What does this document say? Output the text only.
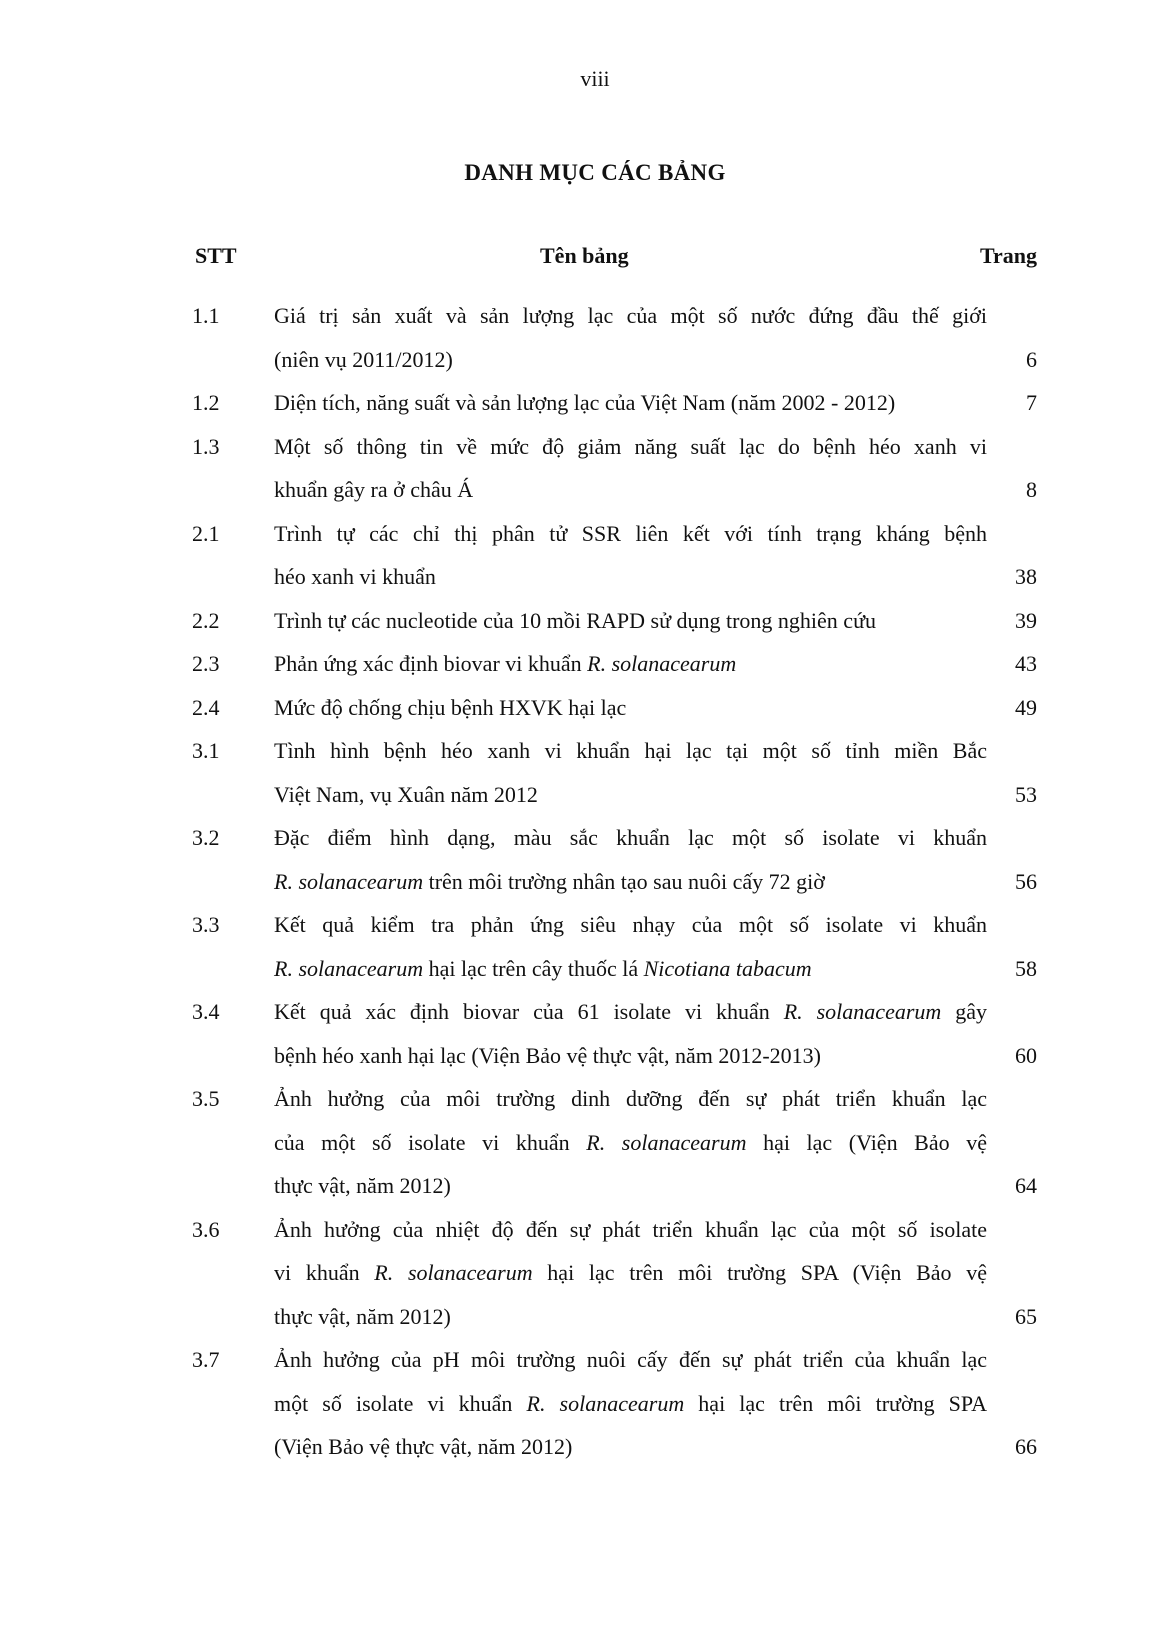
viii
DANH MỤC CÁC BẢNG
STT	Tên bảng	Trang
1.1 Giá trị sản xuất và sản lượng lạc của một số nước đứng đầu thế giới
(niên vụ 2011/2012)	6
1.2 Diện tích, năng suất và sản lượng lạc của Việt Nam (năm 2002 - 2012)	7
1.3 Một số thông tin về mức độ giảm năng suất lạc do bệnh héo xanh vi
khuẩn gây ra ở châu Á	8
2.1 Trình tự các chỉ thị phân tử SSR liên kết với tính trạng kháng bệnh
héo xanh vi khuẩn	38
2.2 Trình tự các nucleotide của 10 mồi RAPD sử dụng trong nghiên cứu	39
2.3 Phản ứng xác định biovar vi khuẩn R. solanacearum	43
2.4 Mức độ chống chịu bệnh HXVK hại lạc	49
3.1 Tình hình bệnh héo xanh vi khuẩn hại lạc tại một số tỉnh miền Bắc
Việt Nam, vụ Xuân năm 2012	53
3.2 Đặc điểm hình dạng, màu sắc khuẩn lạc một số isolate vi khuẩn
R. solanacearum trên môi trường nhân tạo sau nuôi cấy 72 giờ	56
3.3 Kết quả kiểm tra phản ứng siêu nhạy của một số isolate vi khuẩn
R. solanacearum hại lạc trên cây thuốc lá Nicotiana tabacum	58
3.4 Kết quả xác định biovar của 61 isolate vi khuẩn R. solanacearum gây
bệnh héo xanh hại lạc (Viện Bảo vệ thực vật, năm 2012-2013)	60
3.5 Ảnh hưởng của môi trường dinh dưỡng đến sự phát triển khuẩn lạc
của một số isolate vi khuẩn R. solanacearum hại lạc (Viện Bảo vệ
thực vật, năm 2012)	64
3.6 Ảnh hưởng của nhiệt độ đến sự phát triển khuẩn lạc của một số isolate
vi khuẩn R. solanacearum hại lạc trên môi trường SPA (Viện Bảo vệ
thực vật, năm 2012)	65
3.7 Ảnh hưởng của pH môi trường nuôi cấy đến sự phát triển của khuẩn lạc
một số isolate vi khuẩn R. solanacearum hại lạc trên môi trường SPA
(Viện Bảo vệ thực vật, năm 2012)	66
